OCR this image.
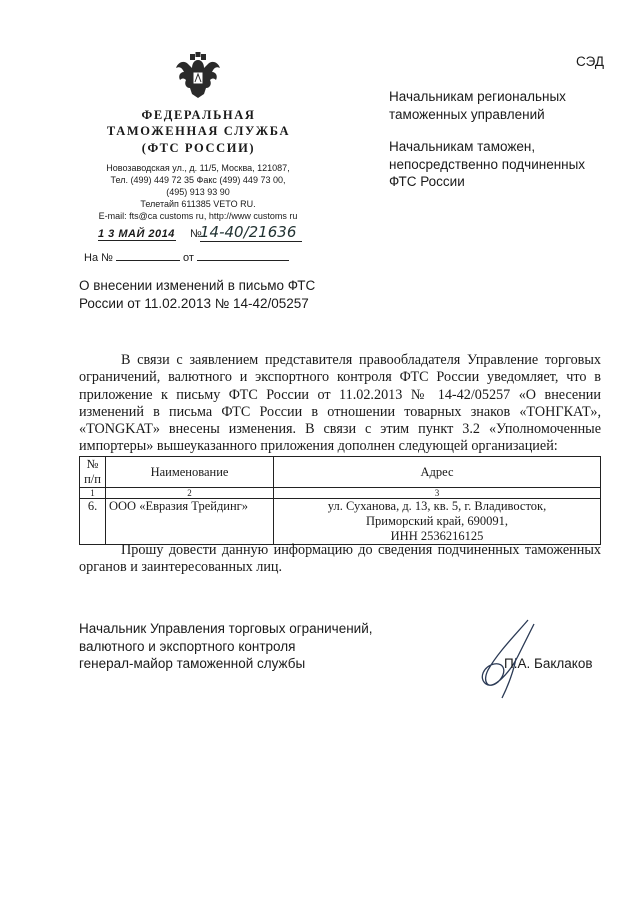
ФЕДЕРАЛЬНАЯ
ТАМОЖЕННАЯ СЛУЖБА
(ФТС РОССИИ)
Новозаводская ул., д. 11/5, Москва, 121087,
Тел. (499) 449 72 35 Факс (499) 449 73 00,
(495) 913 93 90
Телетайп 611385 VETO RU.
E-mail: fts@ca customs ru, http://www customs ru
СЭД
Начальникам региональных
таможенных управлений
Начальникам таможен,
непосредственно подчиненных
ФТС России
1 3 МАЙ 2014 №
14-40/21636
На №	от
О внесении изменений в письмо ФТС
России от 11.02.2013 № 14-42/05257
В связи с заявлением представителя правообладателя Управление торговых ограничений, валютного и экспортного контроля ФТС России уведомляет, что в приложение к письму ФТС России от 11.02.2013 № 14-42/05257 «О внесении изменений в письма ФТС России в отношении товарных знаков «ТОНГКАТ», «TONGKAT» внесены изменения. В связи с этим пункт 3.2 «Уполномоченные импортеры» вышеуказанного приложения дополнен следующей организацией:
№
п/п	Наименование	Адрес
1	2	3
6.	ООО «Евразия Трейдинг»	ул. Суханова, д. 13, кв. 5, г. Владивосток,
Приморский край, 690091,
ИНН 2536216125
Прошу довести данную информацию до сведения подчиненных таможенных органов и заинтересованных лиц.
Начальник Управления торговых ограничений,
валютного и экспортного контроля
генерал-майор таможенной службы	П.А. Баклаков
